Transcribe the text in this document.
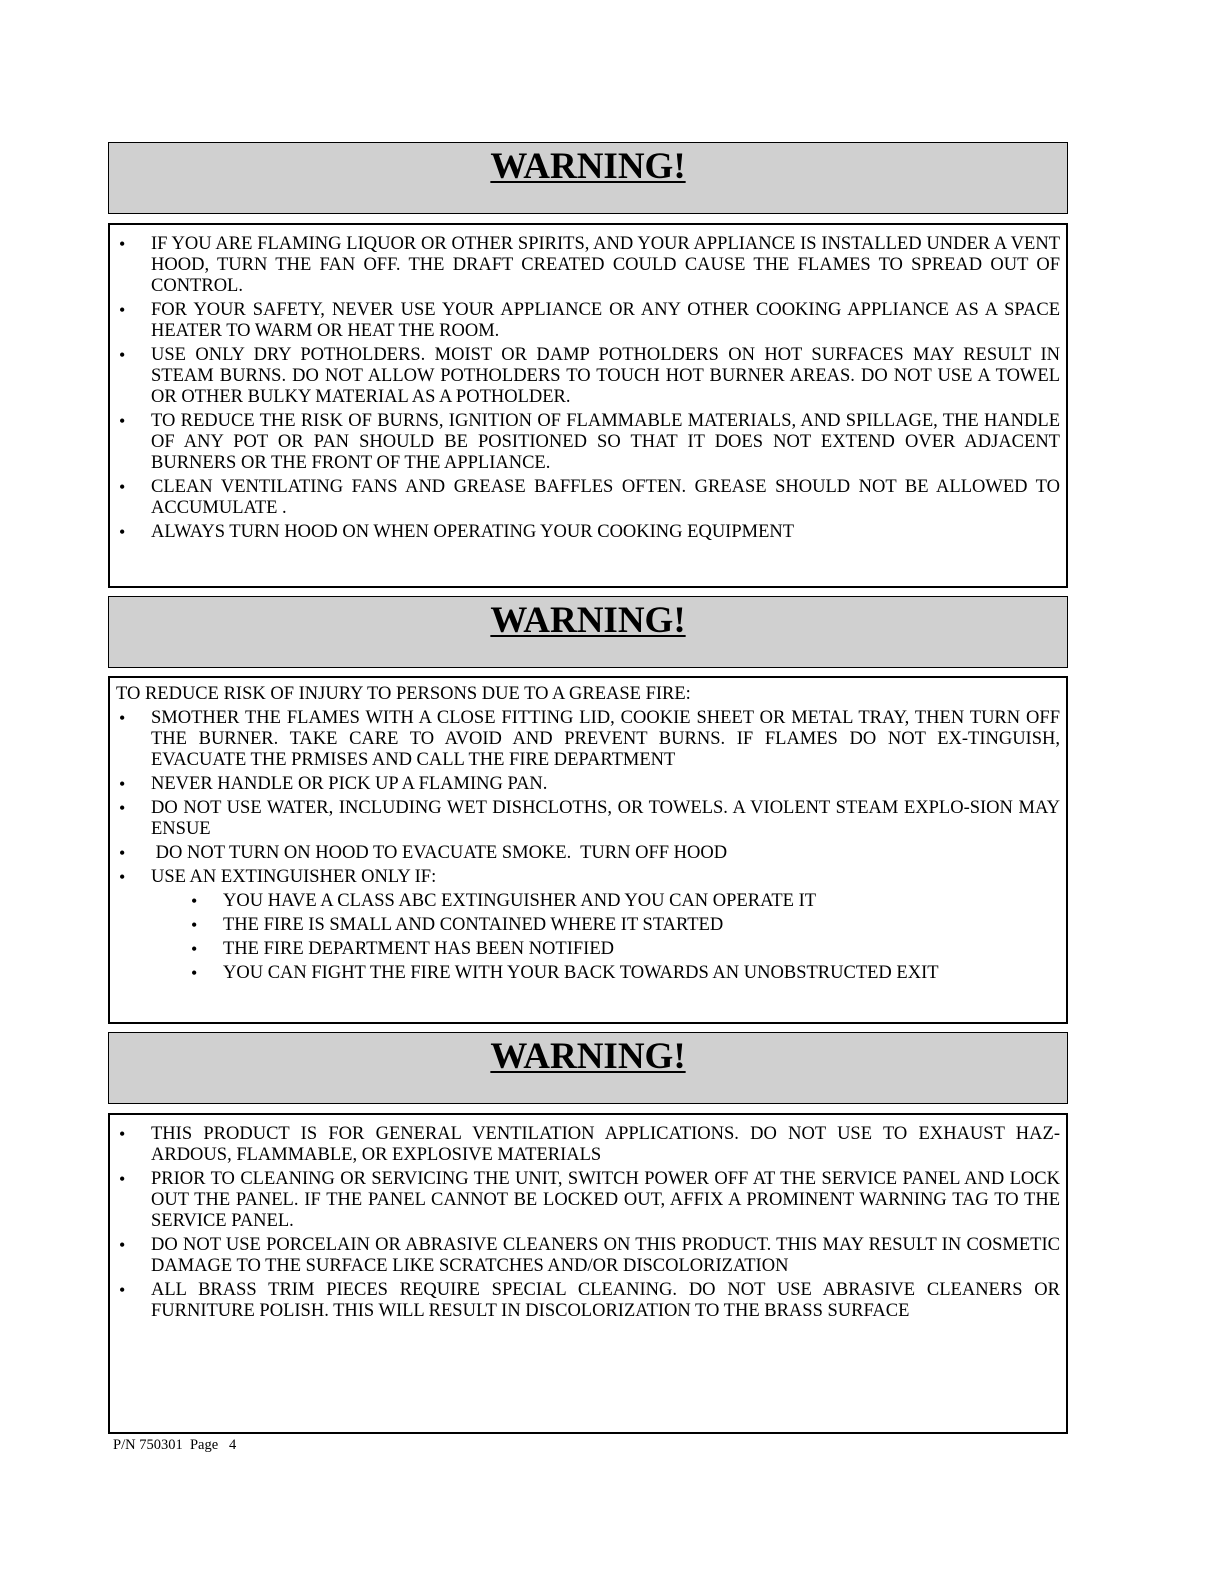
WARNING!
• IF YOU ARE FLAMING LIQUOR OR OTHER SPIRITS, AND YOUR APPLIANCE IS INSTALLED UNDER A VENT HOOD, TURN THE FAN OFF. THE DRAFT CREATED COULD CAUSE THE FLAMES TO SPREAD OUT OF CONTROL.
• FOR YOUR SAFETY, NEVER USE YOUR APPLIANCE OR ANY OTHER COOKING APPLIANCE AS A SPACE HEATER TO WARM OR HEAT THE ROOM.
• USE ONLY DRY POTHOLDERS. MOIST OR DAMP POTHOLDERS ON HOT SURFACES MAY RESULT IN STEAM BURNS. DO NOT ALLOW POTHOLDERS TO TOUCH HOT BURNER AREAS. DO NOT USE A TOWEL OR OTHER BULKY MATERIAL AS A POTHOLDER.
• TO REDUCE THE RISK OF BURNS, IGNITION OF FLAMMABLE MATERIALS, AND SPILLAGE, THE HANDLE OF ANY POT OR PAN SHOULD BE POSITIONED SO THAT IT DOES NOT EXTEND OVER ADJACENT BURNERS OR THE FRONT OF THE APPLIANCE.
• CLEAN VENTILATING FANS AND GREASE BAFFLES OFTEN. GREASE SHOULD NOT BE ALLOWED TO ACCUMULATE .
• ALWAYS TURN HOOD ON WHEN OPERATING YOUR COOKING EQUIPMENT
WARNING!
TO REDUCE RISK OF INJURY TO PERSONS DUE TO A GREASE FIRE:
• SMOTHER THE FLAMES WITH A CLOSE FITTING LID, COOKIE SHEET OR METAL TRAY, THEN TURN OFF THE BURNER. TAKE CARE TO AVOID AND PREVENT BURNS. IF FLAMES DO NOT EX-TINGUISH, EVACUATE THE PRMISES AND CALL THE FIRE DEPARTMENT
• NEVER HANDLE OR PICK UP A FLAMING PAN.
• DO NOT USE WATER, INCLUDING WET DISHCLOTHS, OR TOWELS. A VIOLENT STEAM EXPLO-SION MAY ENSUE
•  DO NOT TURN ON HOOD TO EVACUATE SMOKE.  TURN OFF HOOD
• USE AN EXTINGUISHER ONLY IF:
• YOU HAVE A CLASS ABC EXTINGUISHER AND YOU CAN OPERATE IT
• THE FIRE IS SMALL AND CONTAINED WHERE IT STARTED
• THE FIRE DEPARTMENT HAS BEEN NOTIFIED
• YOU CAN FIGHT THE FIRE WITH YOUR BACK TOWARDS AN UNOBSTRUCTED EXIT
WARNING!
• THIS PRODUCT IS FOR GENERAL VENTILATION APPLICATIONS. DO NOT USE TO EXHAUST HAZ-ARDOUS, FLAMMABLE, OR EXPLOSIVE MATERIALS
• PRIOR TO CLEANING OR SERVICING THE UNIT, SWITCH POWER OFF AT THE SERVICE PANEL AND LOCK OUT THE PANEL. IF THE PANEL CANNOT BE LOCKED OUT, AFFIX A PROMINENT WARNING TAG TO THE SERVICE PANEL.
• DO NOT USE PORCELAIN OR ABRASIVE CLEANERS ON THIS PRODUCT. THIS MAY RESULT IN COSMETIC DAMAGE TO THE SURFACE LIKE SCRATCHES AND/OR DISCOLORIZATION
• ALL BRASS TRIM PIECES REQUIRE SPECIAL CLEANING. DO NOT USE ABRASIVE CLEANERS OR FURNITURE POLISH. THIS WILL RESULT IN DISCOLORIZATION TO THE BRASS SURFACE
P/N 750301  Page   4
